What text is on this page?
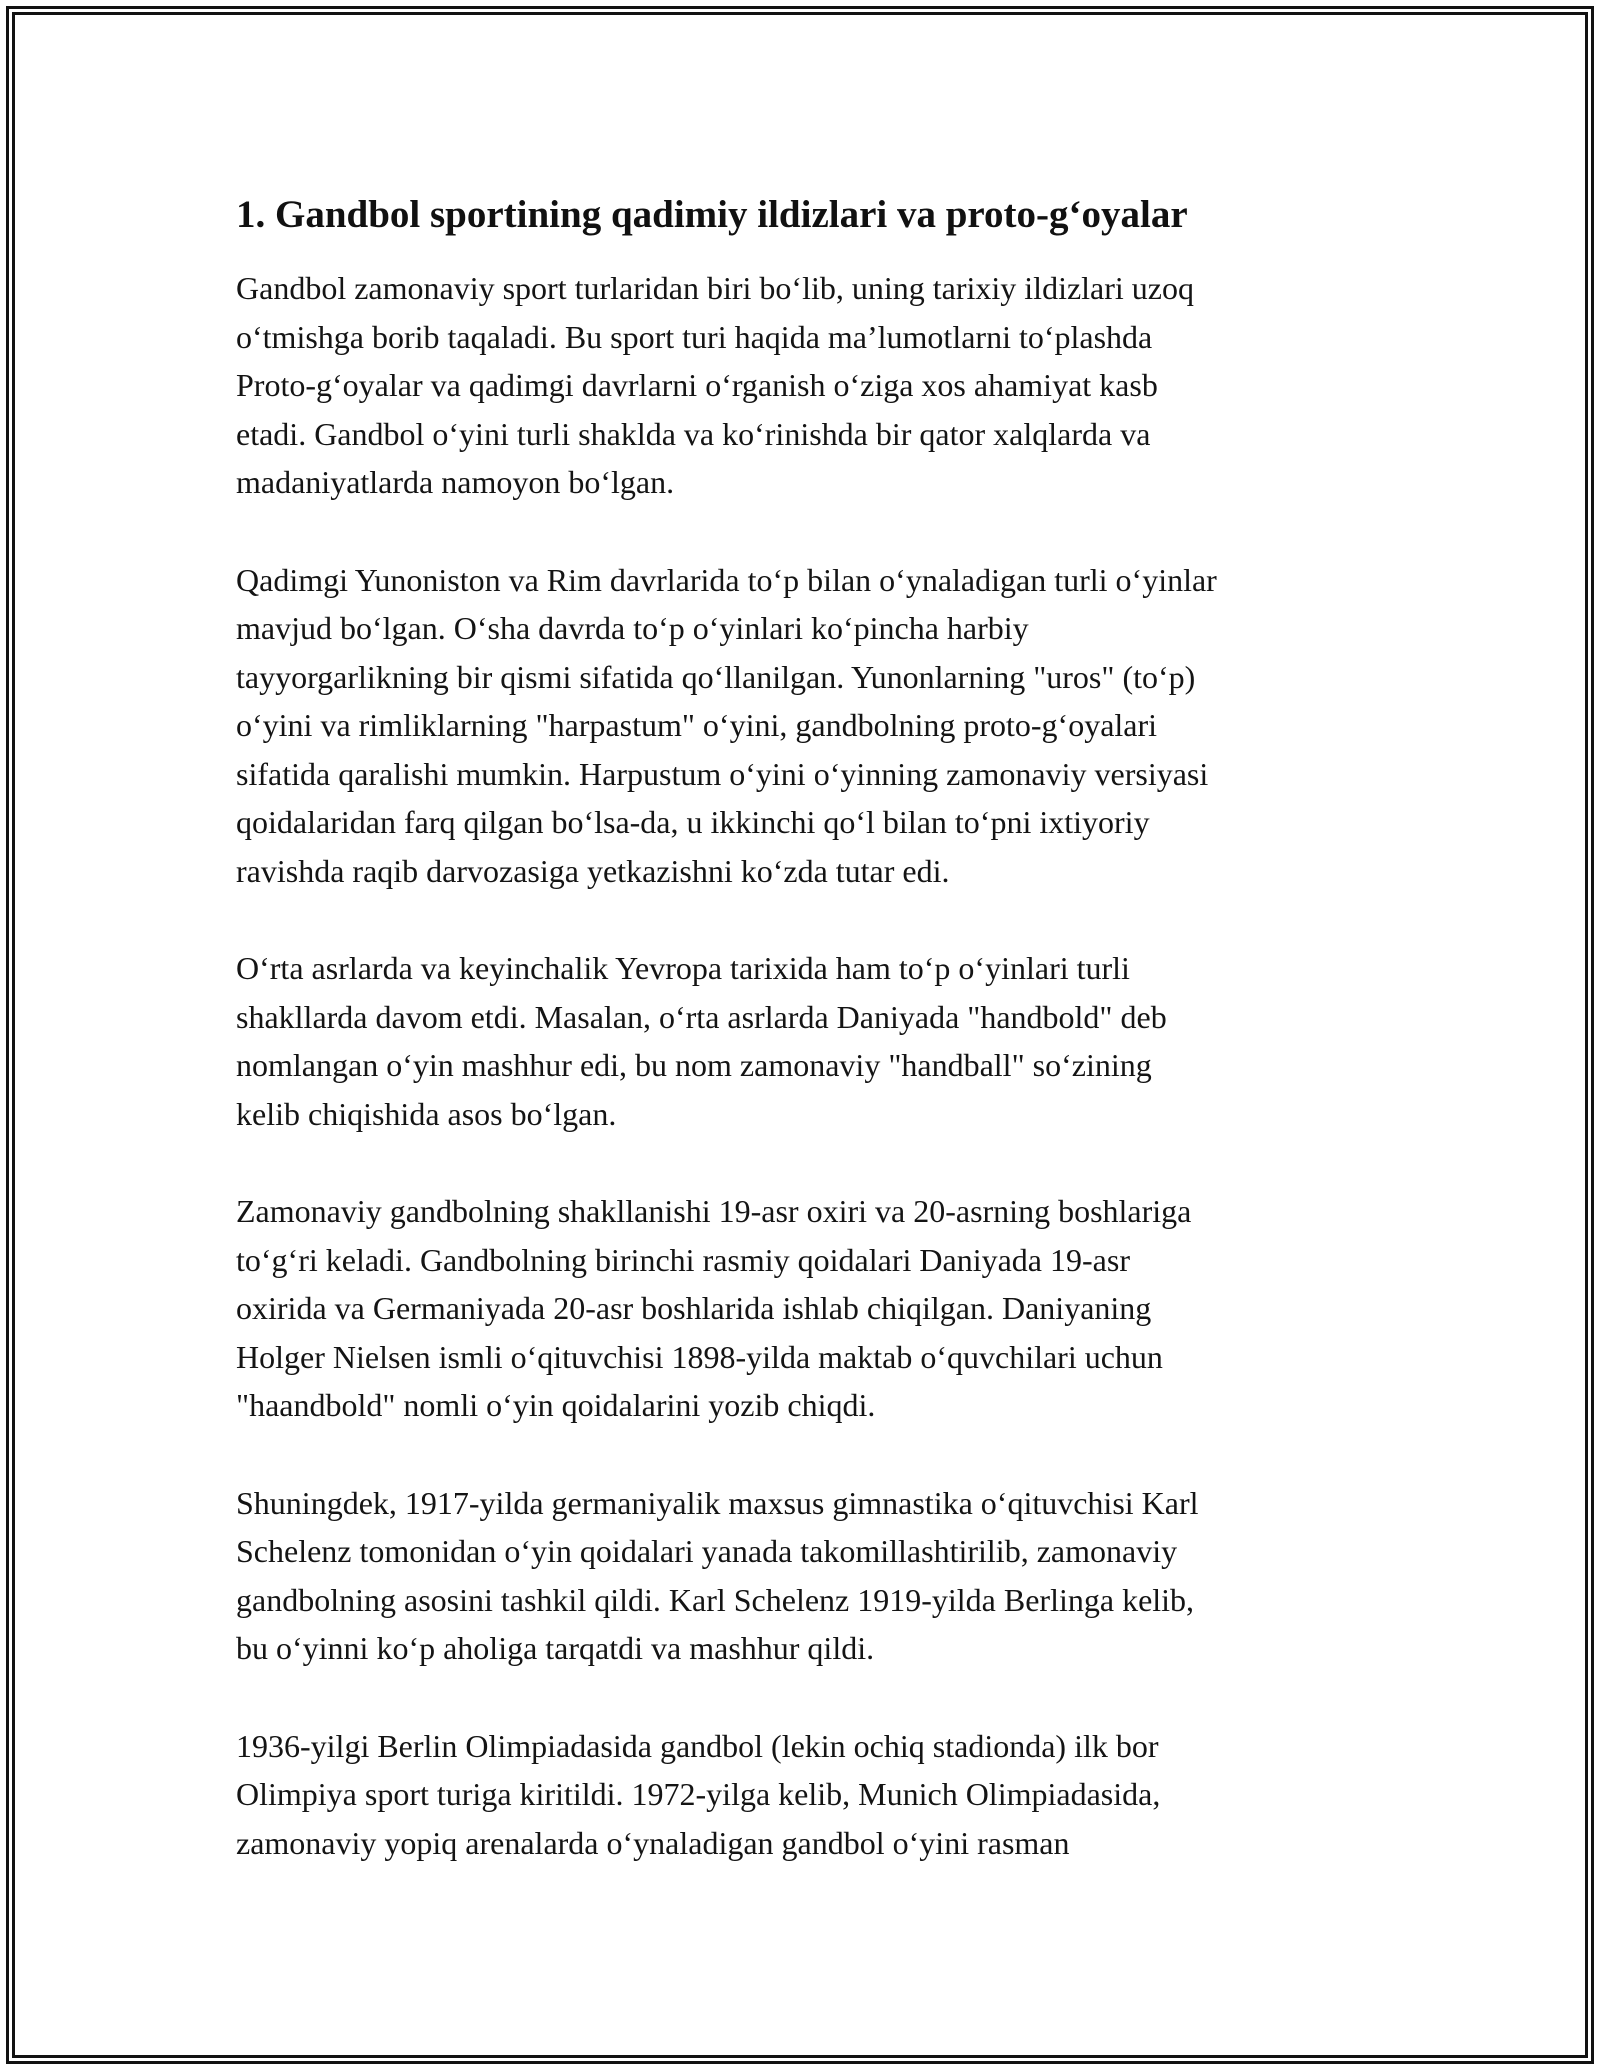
1. Gandbol sportining qadimiy ildizlari va proto-g‘oyalar

Gandbol zamonaviy sport turlaridan biri bo‘lib, uning tarixiy ildizlari uzoq
o‘tmishga borib taqaladi. Bu sport turi haqida ma’lumotlarni to‘plashda
Proto-g‘oyalar va qadimgi davrlarni o‘rganish o‘ziga xos ahamiyat kasb
etadi. Gandbol o‘yini turli shaklda va ko‘rinishda bir qator xalqlarda va
madaniyatlarda namoyon bo‘lgan.

Qadimgi Yunoniston va Rim davrlarida to‘p bilan o‘ynaladigan turli o‘yinlar
mavjud bo‘lgan. O‘sha davrda to‘p o‘yinlari ko‘pincha harbiy
tayyorgarlikning bir qismi sifatida qo‘llanilgan. Yunonlarning "uros" (to‘p)
o‘yini va rimliklarning "harpastum" o‘yini, gandbolning proto-g‘oyalari
sifatida qaralishi mumkin. Harpustum o‘yini o‘yinning zamonaviy versiyasi
qoidalaridan farq qilgan bo‘lsa-da, u ikkinchi qo‘l bilan to‘pni ixtiyoriy
ravishda raqib darvozasiga yetkazishni ko‘zda tutar edi.

O‘rta asrlarda va keyinchalik Yevropa tarixida ham to‘p o‘yinlari turli
shakllarda davom etdi. Masalan, o‘rta asrlarda Daniyada "handbold" deb
nomlangan o‘yin mashhur edi, bu nom zamonaviy "handball" so‘zining
kelib chiqishida asos bo‘lgan.

Zamonaviy gandbolning shakllanishi 19-asr oxiri va 20-asrning boshlariga
to‘g‘ri keladi. Gandbolning birinchi rasmiy qoidalari Daniyada 19-asr
oxirida va Germaniyada 20-asr boshlarida ishlab chiqilgan. Daniyaning
Holger Nielsen ismli o‘qituvchisi 1898-yilda maktab o‘quvchilari uchun
"haandbold" nomli o‘yin qoidalarini yozib chiqdi.

Shuningdek, 1917-yilda germaniyalik maxsus gimnastika o‘qituvchisi Karl
Schelenz tomonidan o‘yin qoidalari yanada takomillashtirilib, zamonaviy
gandbolning asosini tashkil qildi. Karl Schelenz 1919-yilda Berlinga kelib,
bu o‘yinni ko‘p aholiga tarqatdi va mashhur qildi.

1936-yilgi Berlin Olimpiadasida gandbol (lekin ochiq stadionda) ilk bor
Olimpiya sport turiga kiritildi. 1972-yilga kelib, Munich Olimpiadasida,
zamonaviy yopiq arenalarda o‘ynaladigan gandbol o‘yini rasman
